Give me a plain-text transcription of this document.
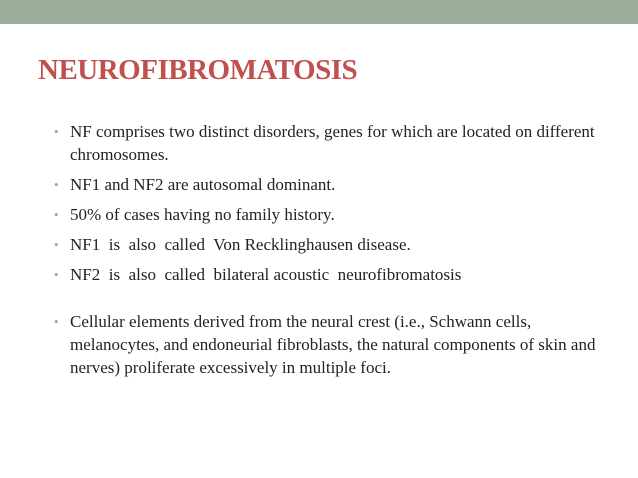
NEUROFIBROMATOSIS
• NF comprises two distinct disorders, genes for which are located on different chromosomes.
• NF1 and NF2 are autosomal dominant.
• 50% of cases having no family history.
• NF1  is  also  called  Von Recklinghausen disease.
• NF2  is  also  called  bilateral acoustic  neurofibromatosis
• Cellular elements derived from the neural crest (i.e., Schwann cells, melanocytes, and endoneurial fibroblasts, the natural components of skin and nerves) proliferate excessively in multiple foci.
